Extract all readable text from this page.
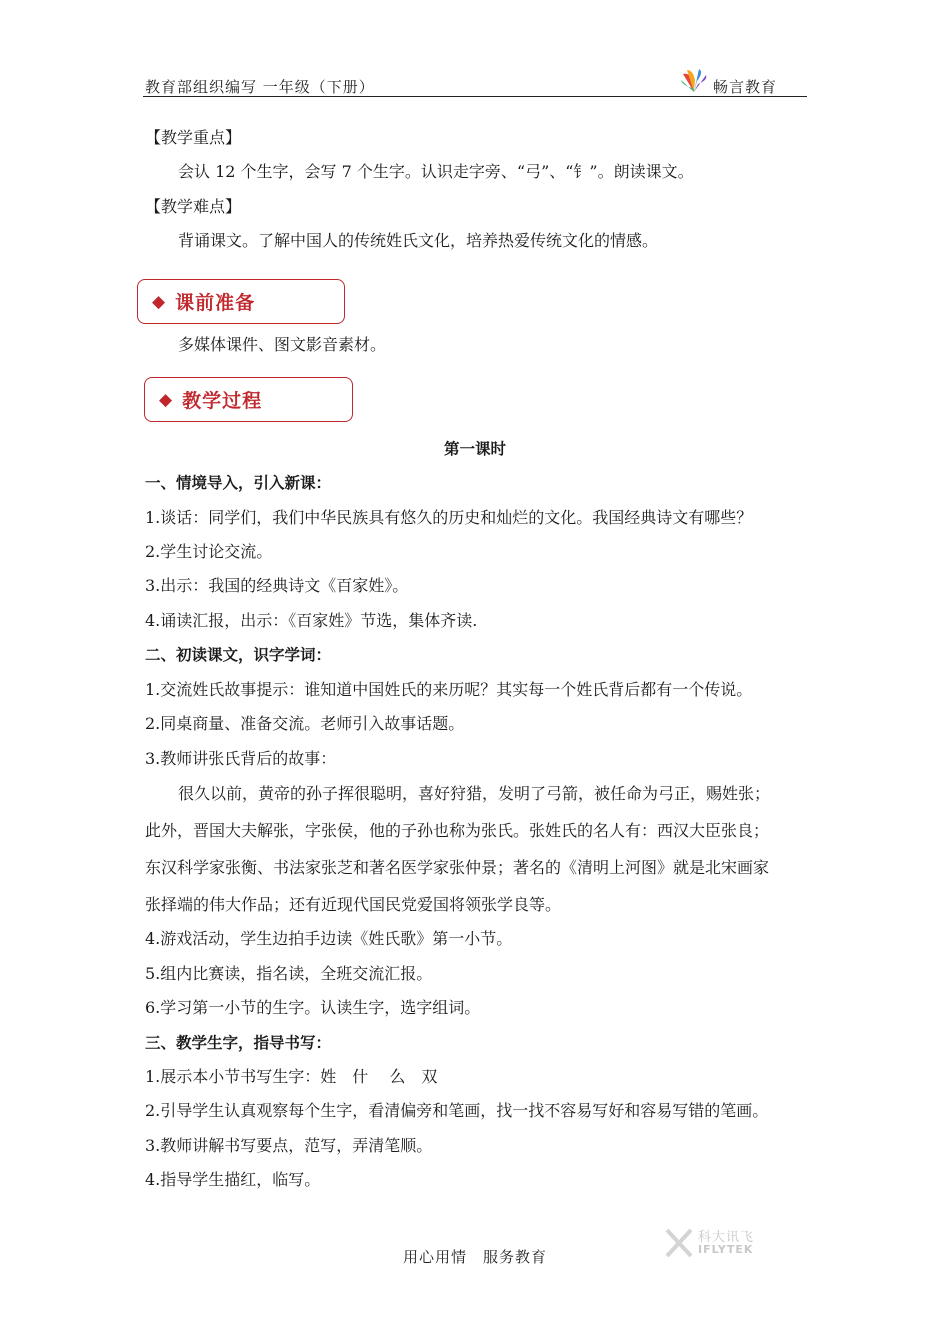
教育部组织编写 一年级（下册）	畅言教育
【教学重点】
会认 12 个生字，会写 7 个生字。认识走字旁、“弓”、“钅”。朗读课文。
【教学难点】
背诵课文。了解中国人的传统姓氏文化，培养热爱传统文化的情感。
◆ 课前准备
多媒体课件、图文影音素材。
◆ 教学过程
第一课时
一、情境导入，引入新课：
1.谈话：同学们，我们中华民族具有悠久的历史和灿烂的文化。我国经典诗文有哪些？
2.学生讨论交流。
3.出示：我国的经典诗文《百家姓》。
4.诵读汇报，出示：《百家姓》节选，集体齐读.
二、初读课文，识字学词：
1.交流姓氏故事提示：谁知道中国姓氏的来历呢？其实每一个姓氏背后都有一个传说。
2.同桌商量、准备交流。老师引入故事话题。
3.教师讲张氏背后的故事：
很久以前，黄帝的孙子挥很聪明，喜好狩猎，发明了弓箭，被任命为弓正，赐姓张；
此外，晋国大夫解张，字张侯，他的子孙也称为张氏。张姓氏的名人有：西汉大臣张良；
东汉科学家张衡、书法家张芝和著名医学家张仲景；著名的《清明上河图》就是北宋画家
张择端的伟大作品；还有近现代国民党爱国将领张学良等。
4.游戏活动，学生边拍手边读《姓氏歌》第一小节。
5.组内比赛读，指名读，全班交流汇报。
6.学习第一小节的生字。认读生字，选字组词。
三、教学生字，指导书写：
1.展示本小节书写生字：姓　什　 么　双
2.引导学生认真观察每个生字，看清偏旁和笔画，找一找不容易写好和容易写错的笔画。
3.教师讲解书写要点，范写，弄清笔顺。
4.指导学生描红，临写。
科大讯飞
IFLYTEK
用心用情 服务教育
